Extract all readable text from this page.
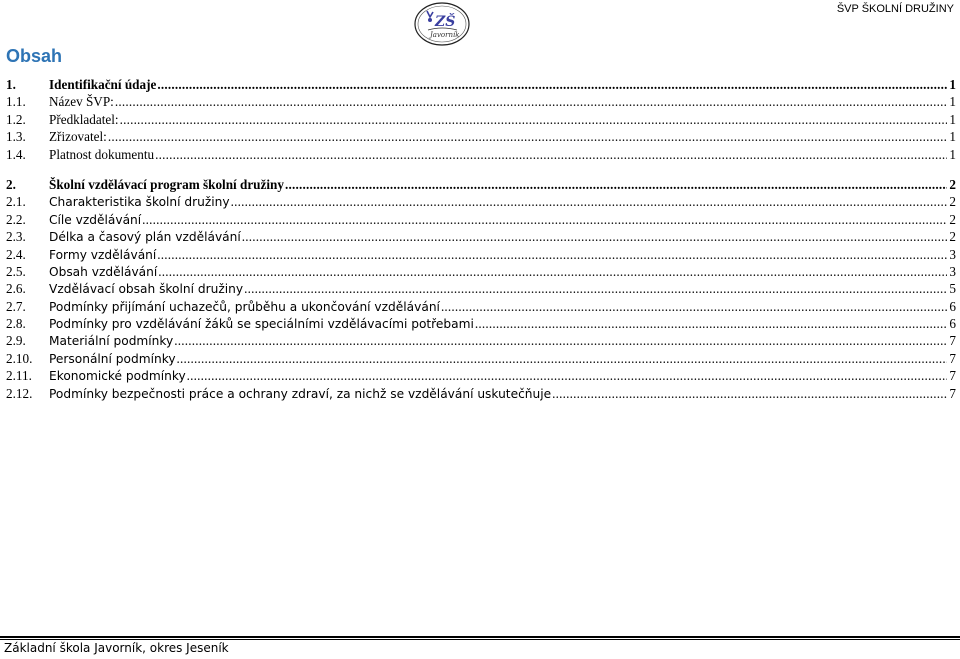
ŠVP ŠKOLNÍ DRUŽINY
ZŠ
Javorník
Obsah
1.	Identifikační údaje .....	1
1.1.	Název ŠVP: .....	1
1.2.	Předkladatel: .....	1
1.3.	Zřizovatel: .....	1
1.4.	Platnost dokumentu .....	1
2.	Školní vzdělávací program školní družiny .....	2
2.1.	Charakteristika školní družiny .....	2
2.2.	Cíle vzdělávání .....	2
2.3.	Délka a časový plán vzdělávání .....	2
2.4.	Formy vzdělávání .....	3
2.5.	Obsah vzdělávání .....	3
2.6.	Vzdělávací obsah školní družiny .....	5
2.7.	Podmínky přijímání uchazečů, průběhu a ukončování vzdělávání .....	6
2.8.	Podmínky pro vzdělávání žáků se speciálními vzdělávacími potřebami .....	6
2.9.	Materiální podmínky .....	7
2.10.	Personální podmínky .....	7
2.11.	Ekonomické podmínky .....	7
2.12.	Podmínky bezpečnosti práce a ochrany zdraví, za nichž se vzdělávání uskutečňuje .....	7
Základní škola Javorník, okres Jeseník
